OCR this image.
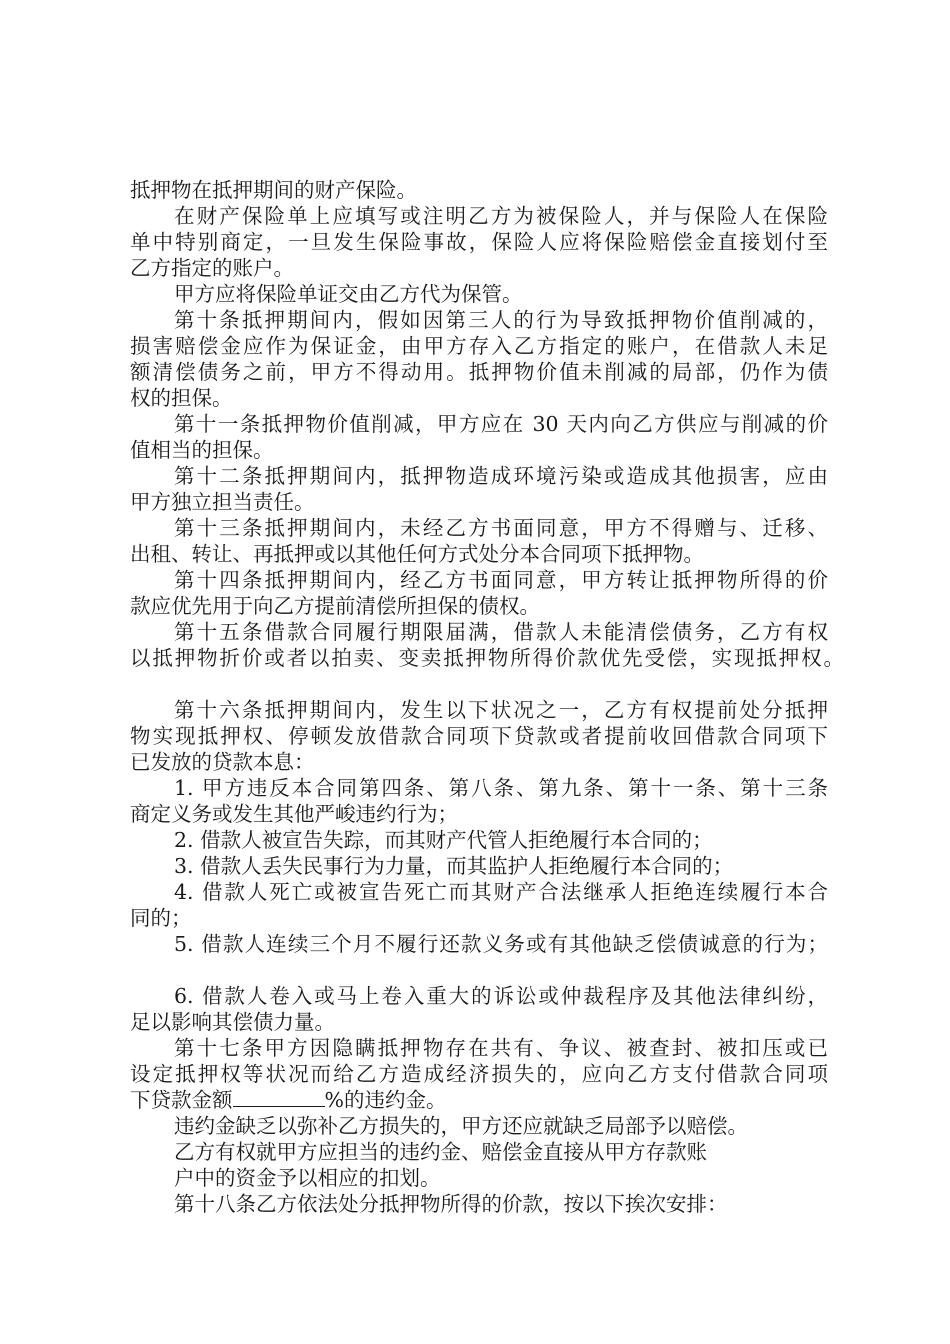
抵押物在抵押期间的财产保险。

在财产保险单上应填写或注明乙方为被保险人，并与保险人在保险

单中特别商定，一旦发生保险事故，保险人应将保险赔偿金直接划付至

乙方指定的账户。

甲方应将保险单证交由乙方代为保管。

第十条抵押期间内，假如因第三人的行为导致抵押物价值削减的，

损害赔偿金应作为保证金，由甲方存入乙方指定的账户，在借款人未足

额清偿债务之前，甲方不得动用。抵押物价值未削减的局部，仍作为债

权的担保。

第十一条抵押物价值削减，甲方应在 30 天内向乙方供应与削减的价

值相当的担保。

第十二条抵押期间内，抵押物造成环境污染或造成其他损害，应由

甲方独立担当责任。

第十三条抵押期间内，未经乙方书面同意，甲方不得赠与、迁移、

出租、转让、再抵押或以其他任何方式处分本合同项下抵押物。

第十四条抵押期间内，经乙方书面同意，甲方转让抵押物所得的价

款应优先用于向乙方提前清偿所担保的债权。

第十五条借款合同履行期限届满，借款人未能清偿债务，乙方有权

以抵押物折价或者以拍卖、变卖抵押物所得价款优先受偿，实现抵押权。

第十六条抵押期间内，发生以下状况之一，乙方有权提前处分抵押

物实现抵押权、停顿发放借款合同项下贷款或者提前收回借款合同项下

已发放的贷款本息：

1. 甲方违反本合同第四条、第八条、第九条、第十一条、第十三条

商定义务或发生其他严峻违约行为；

2. 借款人被宣告失踪，而其财产代管人拒绝履行本合同的；

3. 借款人丢失民事行为力量，而其监护人拒绝履行本合同的；

4. 借款人死亡或被宣告死亡而其财产合法继承人拒绝连续履行本合

同的；

5. 借款人连续三个月不履行还款义务或有其他缺乏偿债诚意的行为；

6. 借款人卷入或马上卷入重大的诉讼或仲裁程序及其他法律纠纷，

足以影响其偿债力量。

第十七条甲方因隐瞒抵押物存在共有、争议、被查封、被扣压或已

设定抵押权等状况而给乙方造成经济损失的，应向乙方支付借款合同项

下贷款金额	%的违约金。

违约金缺乏以弥补乙方损失的，甲方还应就缺乏局部予以赔偿。

乙方有权就甲方应担当的违约金、赔偿金直接从甲方存款账

户中的资金予以相应的扣划。

第十八条乙方依法处分抵押物所得的价款，按以下挨次安排：
